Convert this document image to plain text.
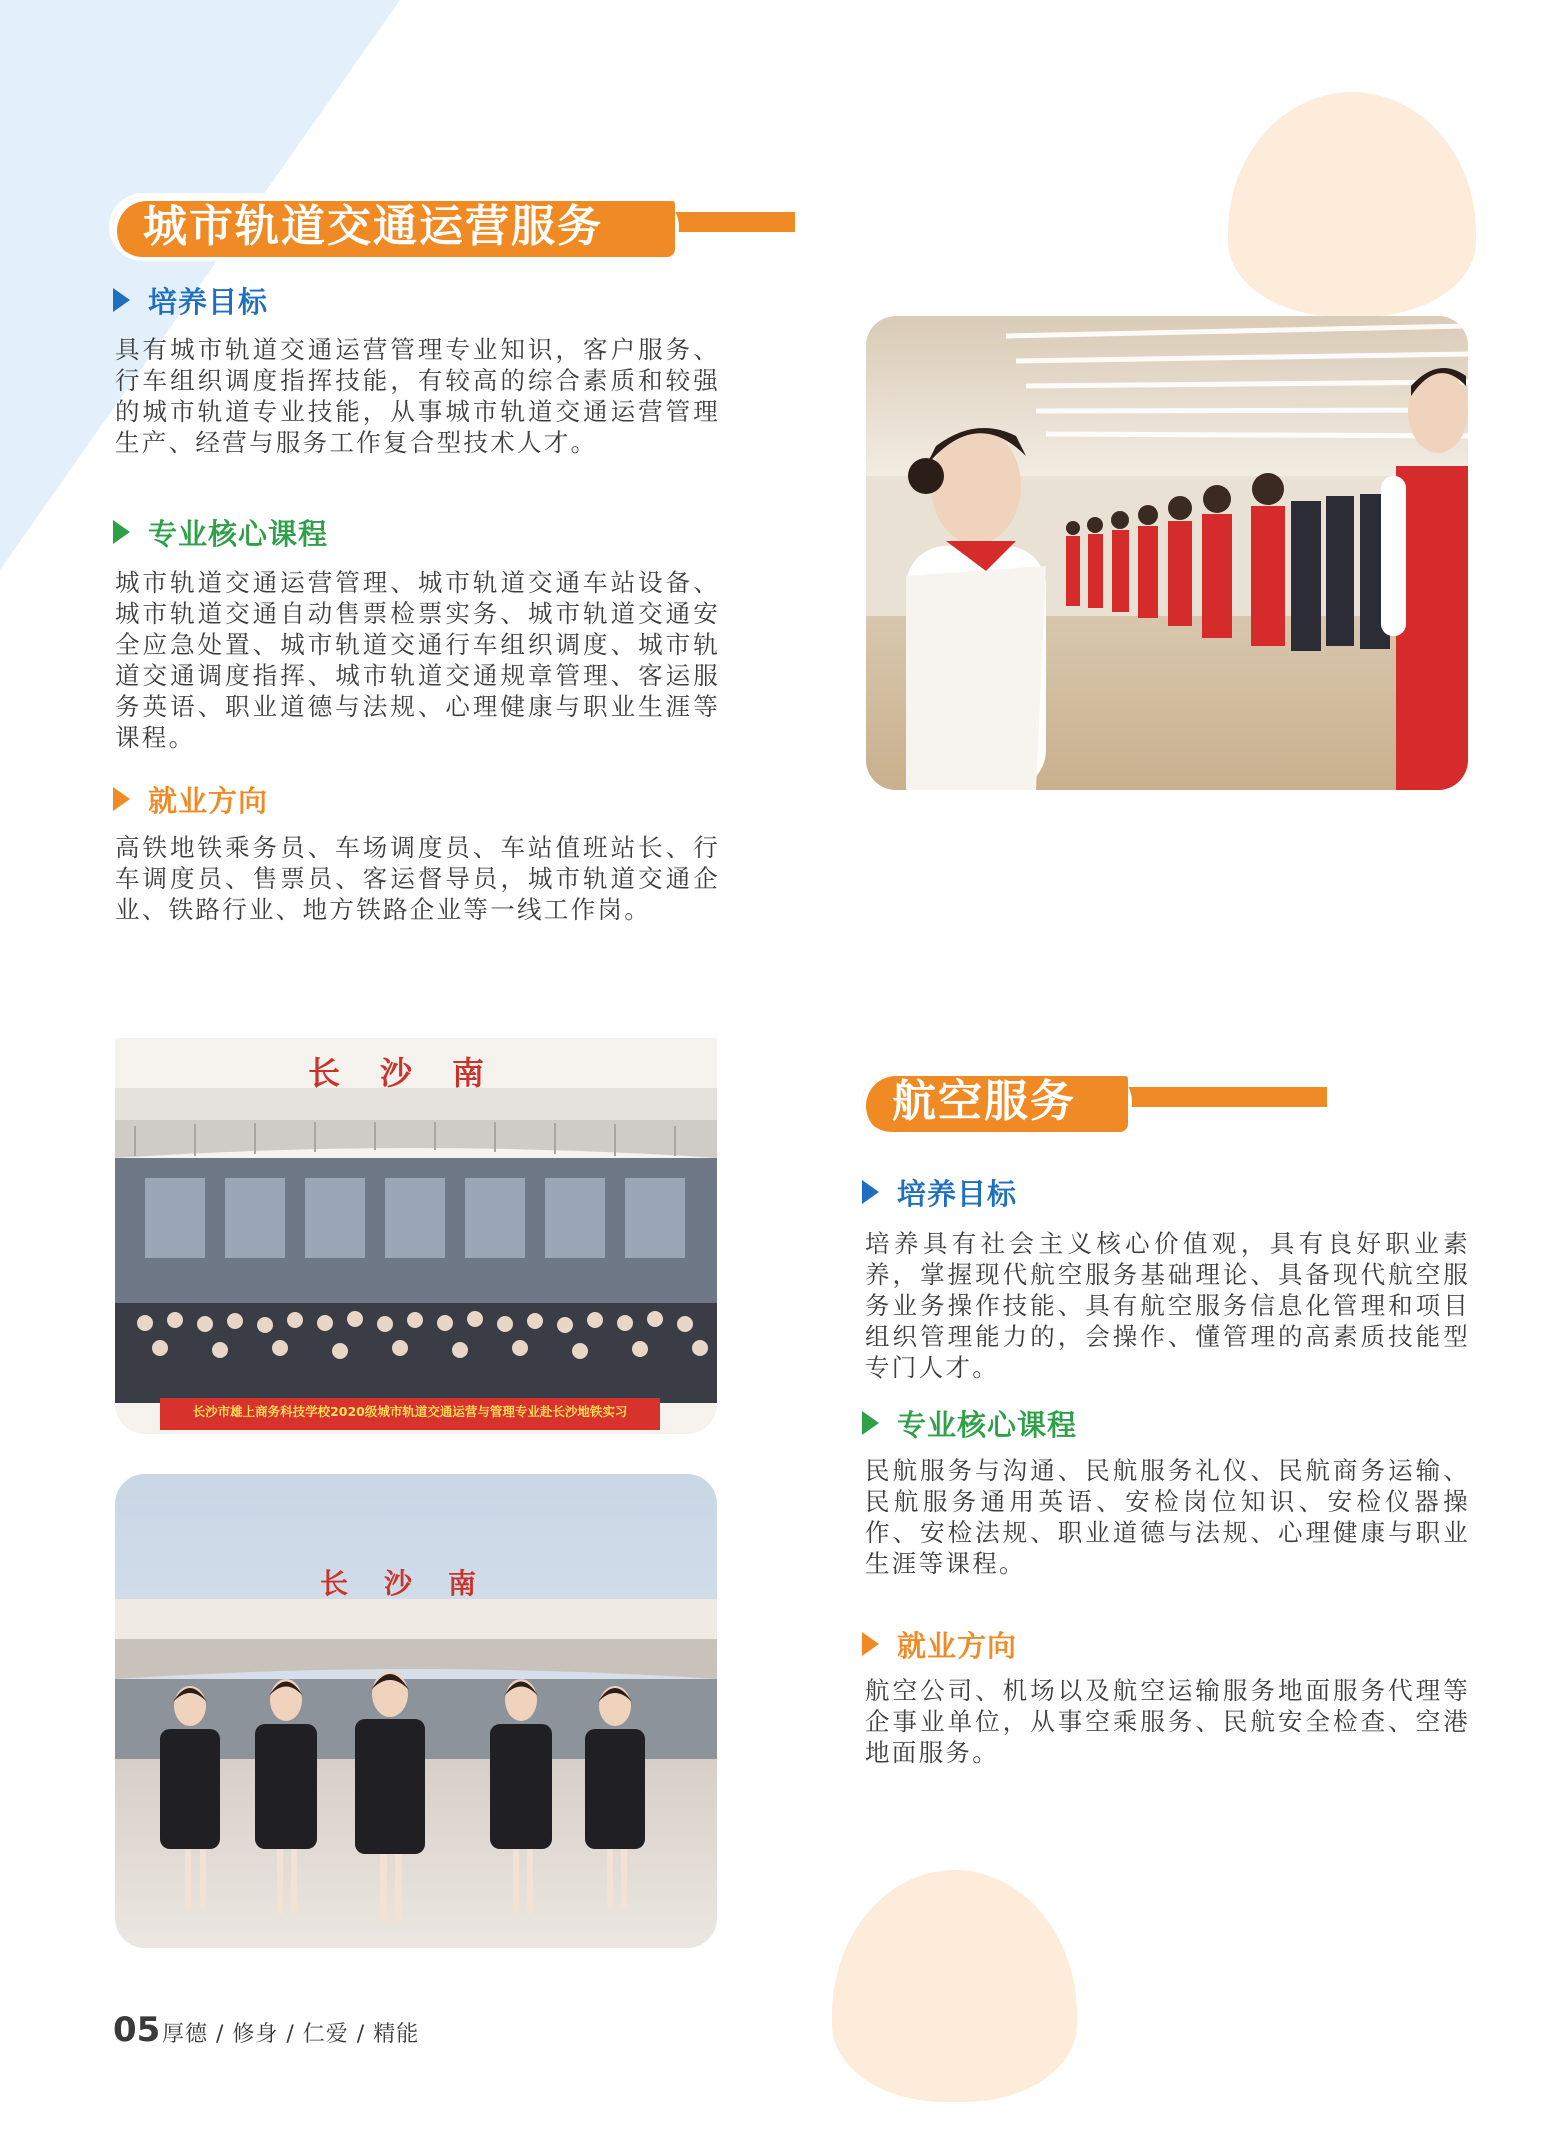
城市轨道交通运营服务
培养目标
具有城市轨道交通运营管理专业知识，客户服务、行车组织调度指挥技能，有较高的综合素质和较强的城市轨道专业技能，从事城市轨道交通运营管理生产、经营与服务工作复合型技术人才。
专业核心课程
城市轨道交通运营管理、城市轨道交通车站设备、城市轨道交通自动售票检票实务、城市轨道交通安全应急处置、城市轨道交通行车组织调度、城市轨道交通调度指挥、城市轨道交通规章管理、客运服务英语、职业道德与法规、心理健康与职业生涯等课程。
就业方向
高铁地铁乘务员、车场调度员、车站值班站长、行车调度员、售票员、客运督导员，城市轨道交通企业、铁路行业、地方铁路企业等一线工作岗。
长沙南
长沙市雄上商务科技学校2020级城市轨道交通运营与管理专业赴长沙地铁实习
长沙南
航空服务
培养目标
培养具有社会主义核心价值观，具有良好职业素养，掌握现代航空服务基础理论、具备现代航空服务业务操作技能、具有航空服务信息化管理和项目组织管理能力的，会操作、懂管理的高素质技能型专门人才。
专业核心课程
民航服务与沟通、民航服务礼仪、民航商务运输、民航服务通用英语、安检岗位知识、安检仪器操作、安检法规、职业道德与法规、心理健康与职业生涯等课程。
就业方向
航空公司、机场以及航空运输服务地面服务代理等企事业单位，从事空乘服务、民航安全检查、空港地面服务。
05 厚德 / 修身 / 仁爱 / 精能
